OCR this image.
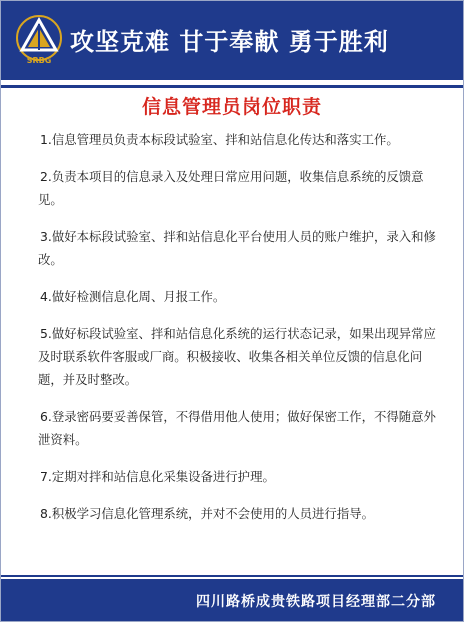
SRBG
攻坚克难 甘于奉献 勇于胜利
信息管理员岗位职责
1.信息管理员负责本标段试验室、拌和站信息化传达和落实工作。
2.负责本项目的信息录入及处理日常应用问题，收集信息系统的反馈意见。
3.做好本标段试验室、拌和站信息化平台使用人员的账户维护，录入和修改。
4.做好检测信息化周、月报工作。
5.做好标段试验室、拌和站信息化系统的运行状态记录，如果出现异常应及时联系软件客服或厂商。积极接收、收集各相关单位反馈的信息化问题，并及时整改。
6.登录密码要妥善保管，不得借用他人使用；做好保密工作，不得随意外泄资料。
7.定期对拌和站信息化采集设备进行护理。
8.积极学习信息化管理系统，并对不会使用的人员进行指导。
四川路桥成贵铁路项目经理部二分部
